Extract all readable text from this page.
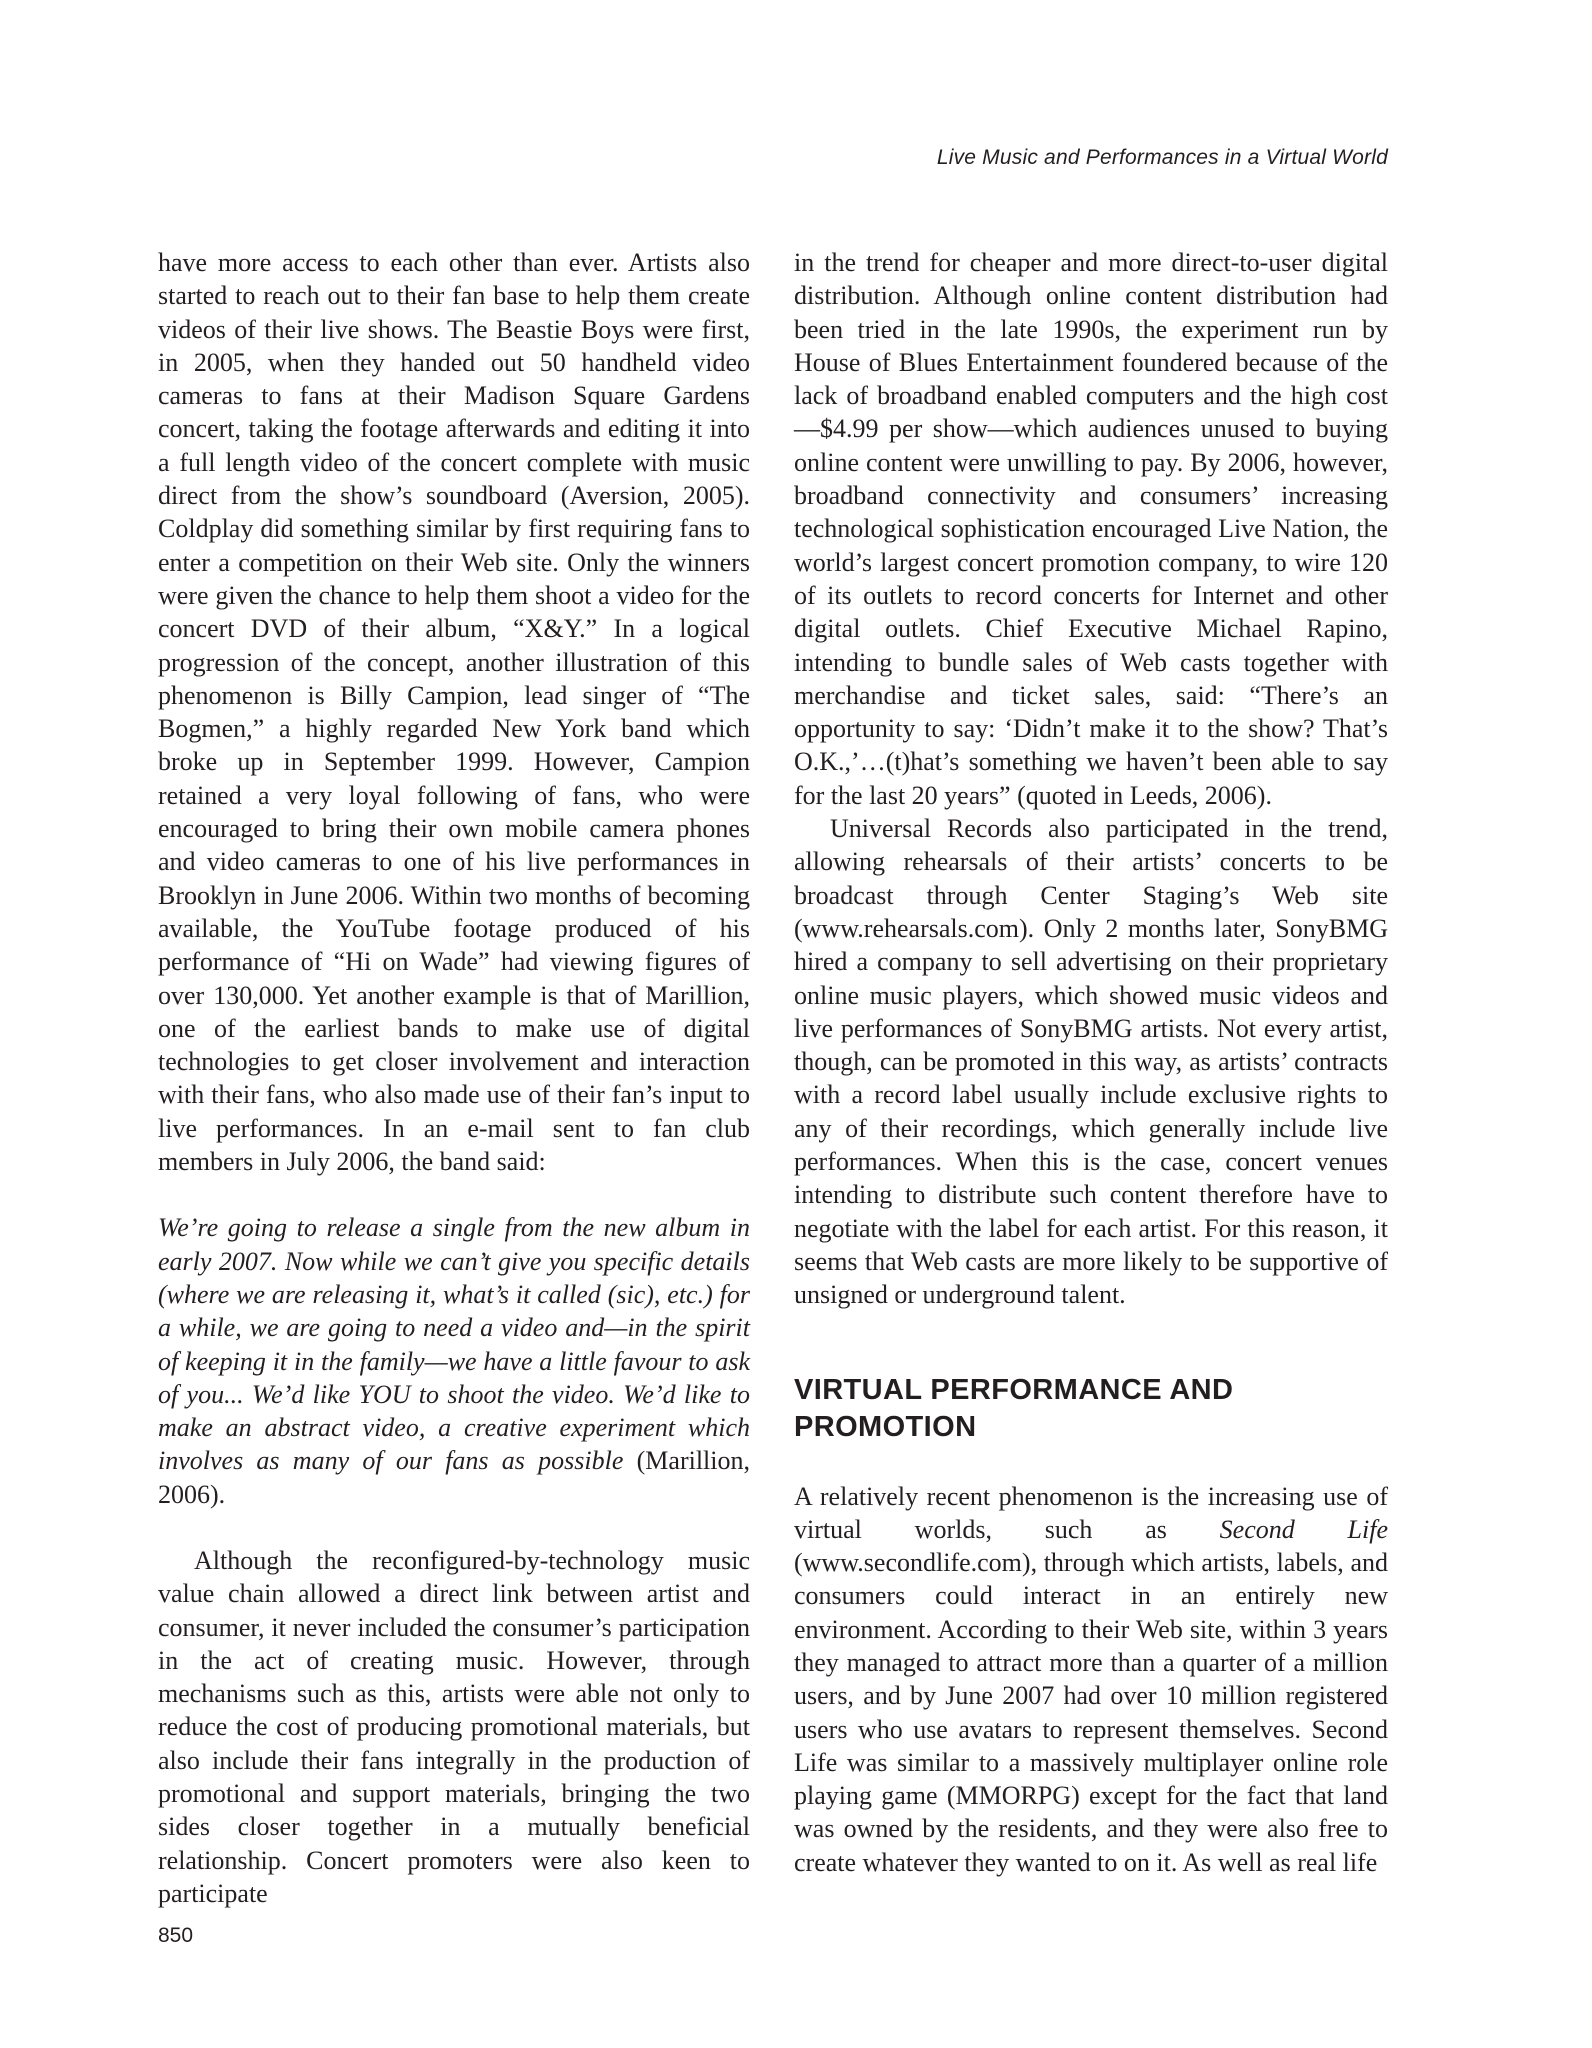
Live Music and Performances in a Virtual World

have more access to each other than ever. Artists also started to reach out to their fan base to help them create videos of their live shows. The Beastie Boys were first, in 2005, when they handed out 50 handheld video cameras to fans at their Madison Square Gardens concert, taking the footage afterwards and editing it into a full length video of the concert complete with music direct from the show’s soundboard (Aversion, 2005). Coldplay did something similar by first requiring fans to enter a competition on their Web site. Only the winners were given the chance to help them shoot a video for the concert DVD of their album, “X&Y.” In a logical progression of the concept, another illustration of this phenomenon is Billy Campion, lead singer of “The Bogmen,” a highly regarded New York band which broke up in September 1999. However, Campion retained a very loyal following of fans, who were encouraged to bring their own mobile camera phones and video cameras to one of his live performances in Brooklyn in June 2006. Within two months of becoming available, the YouTube footage produced of his performance of “Hi on Wade” had viewing figures of over 130,000. Yet another example is that of Marillion, one of the earliest bands to make use of digital technologies to get closer involvement and interaction with their fans, who also made use of their fan’s input to live performances. In an e-mail sent to fan club members in July 2006, the band said:

We’re going to release a single from the new album in early 2007. Now while we can’t give you specific details (where we are releasing it, what’s it called (sic), etc.) for a while, we are going to need a video and—in the spirit of keeping it in the family—we have a little favour to ask of you... We’d like YOU to shoot the video. We’d like to make an abstract video, a creative experiment which involves as many of our fans as possible (Marillion, 2006).

Although the reconfigured-by-technology music value chain allowed a direct link between artist and consumer, it never included the consumer’s participation in the act of creating music. However, through mechanisms such as this, artists were able not only to reduce the cost of producing promotional materials, but also include their fans integrally in the production of promotional and support materials, bringing the two sides closer together in a mutually beneficial relationship. Concert promoters were also keen to participate

in the trend for cheaper and more direct-to-user digital distribution. Although online content distribution had been tried in the late 1990s, the experiment run by House of Blues Entertainment foundered because of the lack of broadband enabled computers and the high cost—$4.99 per show—which audiences unused to buying online content were unwilling to pay. By 2006, however, broadband connectivity and consumers’ increasing technological sophistication encouraged Live Nation, the world’s largest concert promotion company, to wire 120 of its outlets to record concerts for Internet and other digital outlets. Chief Executive Michael Rapino, intending to bundle sales of Web casts together with merchandise and ticket sales, said: “There’s an opportunity to say: ‘Didn’t make it to the show? That’s O.K.,’…(t)hat’s something we haven’t been able to say for the last 20 years” (quoted in Leeds, 2006).

Universal Records also participated in the trend, allowing rehearsals of their artists’ concerts to be broadcast through Center Staging’s Web site (www.rehearsals.com). Only 2 months later, SonyBMG hired a company to sell advertising on their proprietary online music players, which showed music videos and live performances of SonyBMG artists. Not every artist, though, can be promoted in this way, as artists’ contracts with a record label usually include exclusive rights to any of their recordings, which generally include live performances. When this is the case, concert venues intending to distribute such content therefore have to negotiate with the label for each artist. For this reason, it seems that Web casts are more likely to be supportive of unsigned or underground talent.

VIRTUAL PERFORMANCE AND
PROMOTION

A relatively recent phenomenon is the increasing use of virtual worlds, such as Second Life (www.secondlife.com), through which artists, labels, and consumers could interact in an entirely new environment. According to their Web site, within 3 years they managed to attract more than a quarter of a million users, and by June 2007 had over 10 million registered users who use avatars to represent themselves. Second Life was similar to a massively multiplayer online role playing game (MMORPG) except for the fact that land was owned by the residents, and they were also free to create whatever they wanted to on it. As well as real life

850
